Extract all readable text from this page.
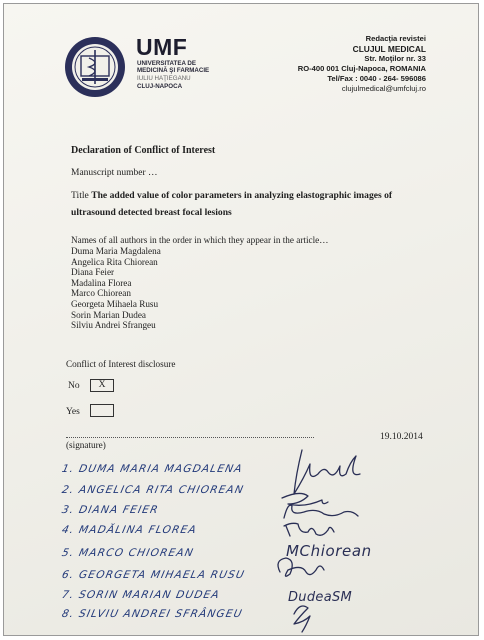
UMF
UNIVERSITATEA DE
MEDICINĂ ŞI FARMACIE
IULIU HAŢIEGANU
CLUJ-NAPOCA
Redacţia revistei
CLUJUL MEDICAL
Str. Moţilor nr. 33
RO-400 001 Cluj-Napoca, ROMANIA
Tel/Fax : 0040 - 264- 596086
clujulmedical@umfcluj.ro
Declaration of Conflict of Interest
Manuscript number …
Title The added value of color parameters in analyzing elastographic images of
ultrasound detected breast focal lesions
Names of all authors in the order in which they appear in the article…
Duma Maria Magdalena
Angelica Rita Chiorean
Diana Feier
Madalina Florea
Marco Chiorean
Georgeta Mihaela Rusu
Sorin Marian Dudea
Silviu Andrei Sfrangeu
Conflict of Interest disclosure
No	X
Yes
19.10.2014
(signature)
1. DUMA MARIA MAGDALENA
2. ANGELICA RITA CHIOREAN
3. DIANA FEIER
4. MADĂLINA FLOREA
5. MARCO CHIOREAN
6. GEORGETA MIHAELA RUSU
7. SORIN MARIAN DUDEA
8. SILVIU ANDREI SFRÂNGEU
MChiorean
DudeaSM
